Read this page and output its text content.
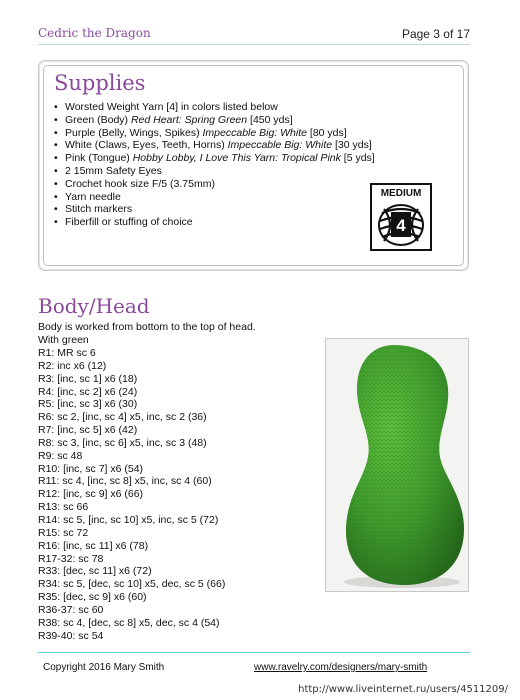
Cedric the Dragon	Page 3 of 17
Supplies
• Worsted Weight Yarn [4] in colors listed below
• Green (Body) Red Heart: Spring Green [450 yds]
• Purple (Belly, Wings, Spikes) Impeccable Big: White [80 yds]
• White (Claws, Eyes, Teeth, Horns) Impeccable Big: White [30 yds]
• Pink (Tongue) Hobby Lobby, I Love This Yarn: Tropical Pink [5 yds]
• 2 15mm Safety Eyes
• Crochet hook size F/5 (3.75mm)
• Yarn needle
• Stitch markers
• Fiberfill or stuffing of choice
MEDIUM
4
Body/Head
Body is worked from bottom to the top of head.
With green
R1: MR sc 6
R2: inc x6 (12)
R3: [inc, sc 1] x6 (18)
R4: [inc, sc 2] x6 (24)
R5: [inc, sc 3] x6 (30)
R6: sc 2, [inc, sc 4] x5, inc, sc 2 (36)
R7: [inc, sc 5] x6 (42)
R8: sc 3, [inc, sc 6] x5, inc, sc 3 (48)
R9: sc 48
R10: [inc, sc 7] x6 (54)
R11: sc 4, [inc, sc 8] x5, inc, sc 4 (60)
R12: [inc, sc 9] x6 (66)
R13: sc 66
R14: sc 5, [inc, sc 10] x5, inc, sc 5 (72)
R15: sc 72
R16: [inc, sc 11] x6 (78)
R17-32: sc 78
R33: [dec, sc 11] x6 (72)
R34: sc 5, [dec, sc 10] x5, dec, sc 5 (66)
R35: [dec, sc 9] x6 (60)
R36-37: sc 60
R38: sc 4, [dec, sc 8] x5, dec, sc 4 (54)
R39-40: sc 54
Copyright 2016 Mary Smith	www.ravelry.com/designers/mary-smith
http://www.liveinternet.ru/users/4511209/
